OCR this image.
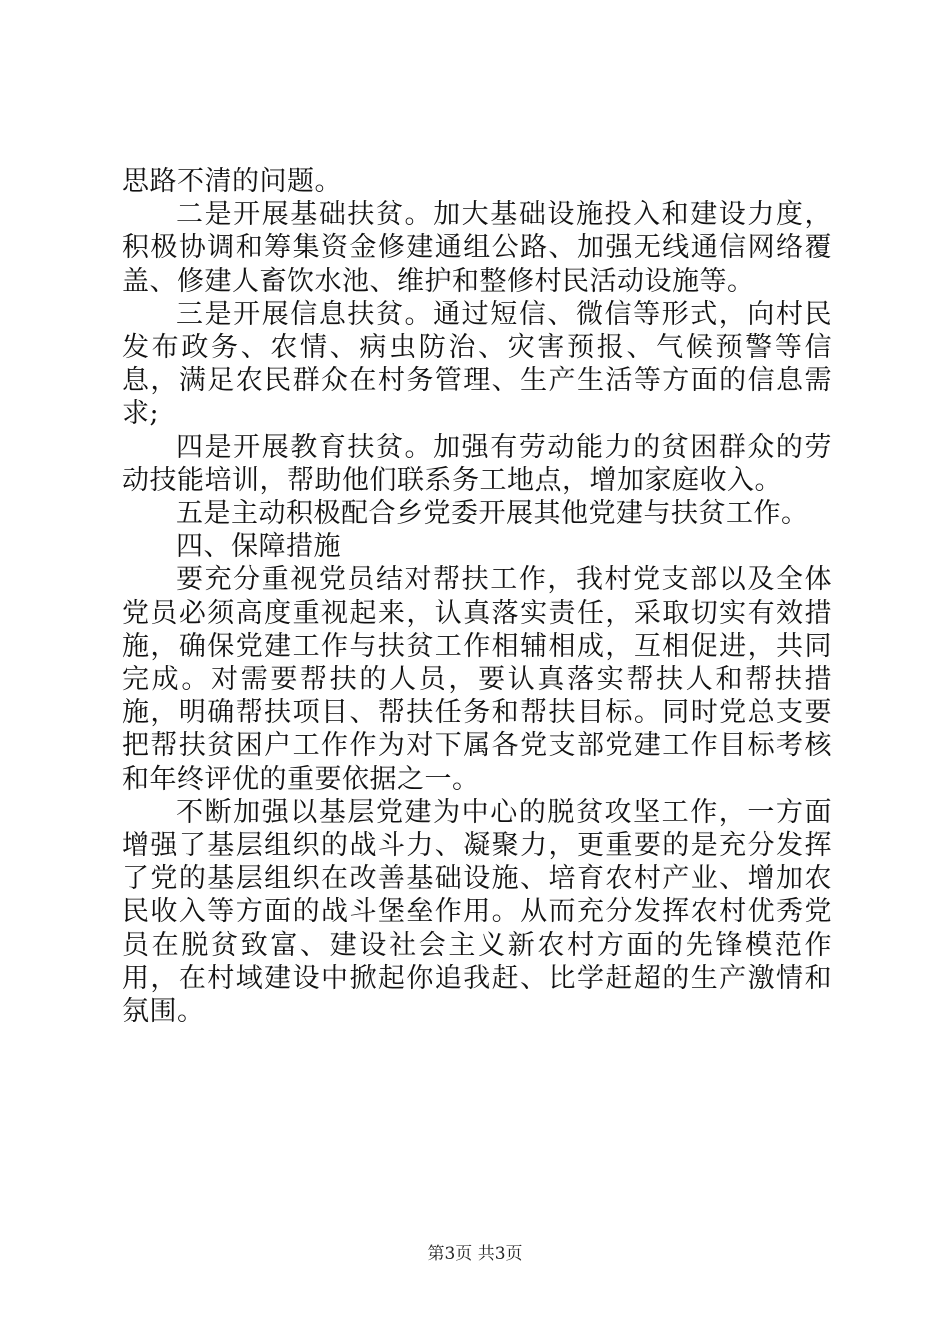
思路不清的问题。

二是开展基础扶贫。加大基础设施投入和建设力度，积极协调和筹集资金修建通组公路、加强无线通信网络覆盖、修建人畜饮水池、维护和整修村民活动设施等。

三是开展信息扶贫。通过短信、微信等形式，向村民发布政务、农情、病虫防治、灾害预报、气候预警等信息，满足农民群众在村务管理、生产生活等方面的信息需求;

四是开展教育扶贫。加强有劳动能力的贫困群众的劳动技能培训，帮助他们联系务工地点，增加家庭收入。

五是主动积极配合乡党委开展其他党建与扶贫工作。

四、保障措施

要充分重视党员结对帮扶工作，我村党支部以及全体党员必须高度重视起来，认真落实责任，采取切实有效措施，确保党建工作与扶贫工作相辅相成，互相促进，共同完成。对需要帮扶的人员，要认真落实帮扶人和帮扶措施，明确帮扶项目、帮扶任务和帮扶目标。同时党总支要把帮扶贫困户工作作为对下属各党支部党建工作目标考核和年终评优的重要依据之一。

不断加强以基层党建为中心的脱贫攻坚工作，一方面增强了基层组织的战斗力、凝聚力，更重要的是充分发挥了党的基层组织在改善基础设施、培育农村产业、增加农民收入等方面的战斗堡垒作用。从而充分发挥农村优秀党员在脱贫致富、建设社会主义新农村方面的先锋模范作用，在村域建设中掀起你追我赶、比学赶超的生产激情和氛围。

第3页 共3页
